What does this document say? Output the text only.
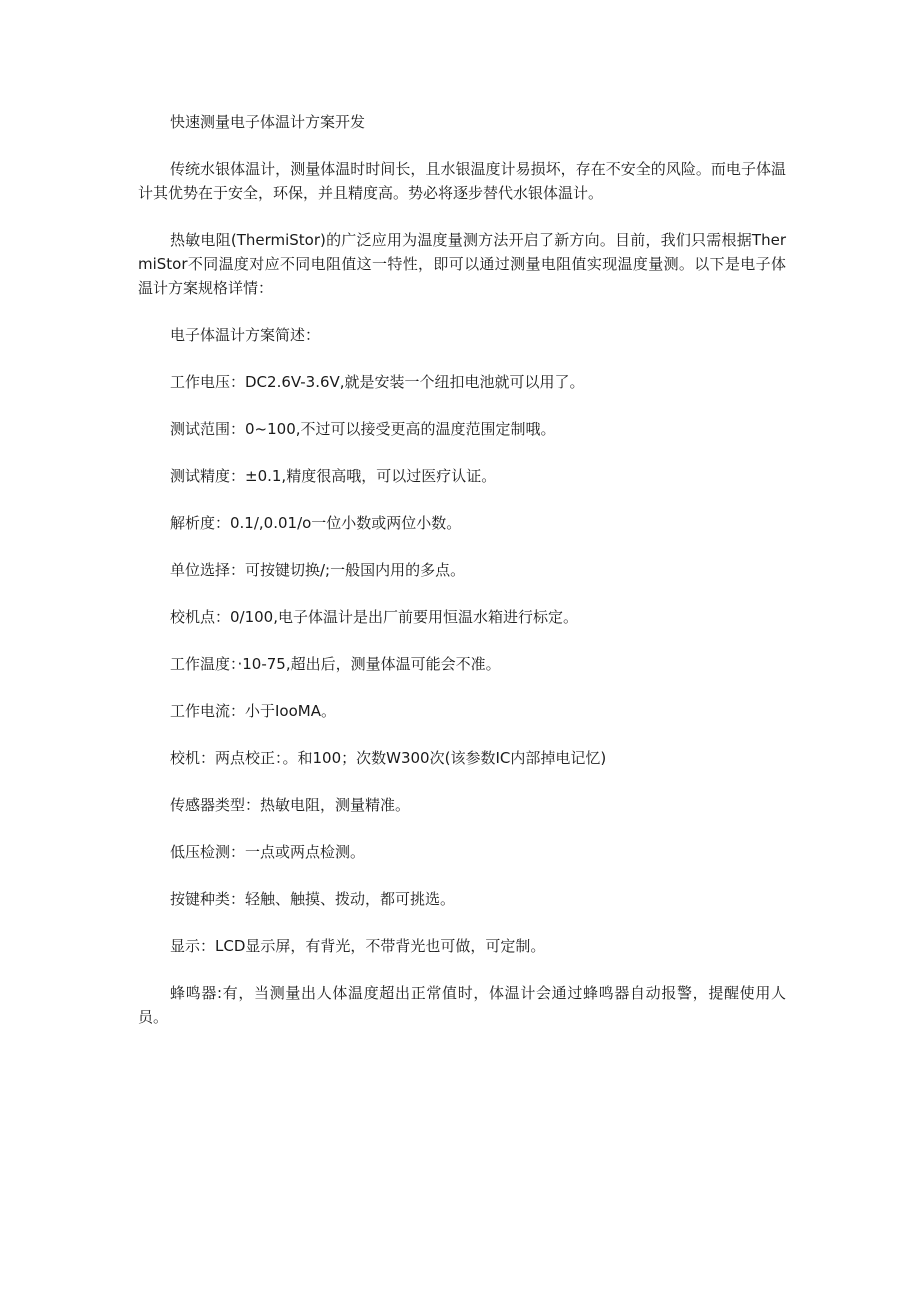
快速测量电子体温计方案开发

传统水银体温计，测量体温时时间长，且水银温度计易损坏，存在不安全的风险。而电子体温计其优势在于安全，环保，并且精度高。势必将逐步替代水银体温计。

热敏电阻(ThermiStor)的广泛应用为温度量测方法开启了新方向。目前，我们只需根据ThermiStor不同温度对应不同电阻值这一特性，即可以通过测量电阻值实现温度量测。以下是电子体温计方案规格详情：

电子体温计方案简述：

工作电压：DC2.6V-3.6V,就是安装一个纽扣电池就可以用了。

测试范围：0~100,不过可以接受更高的温度范围定制哦。

测试精度：±0.1,精度很高哦，可以过医疗认证。

解析度：0.1/,0.01/o一位小数或两位小数。

单位选择：可按键切换/;一般国内用的多点。

校机点：0/100,电子体温计是出厂前要用恒温水箱进行标定。

工作温度：·10-75,超出后，测量体温可能会不准。

工作电流：小于IooMA。

校机：两点校正：。和100；次数W300次(该参数IC内部掉电记忆)

传感器类型：热敏电阻，测量精准。

低压检测：一点或两点检测。

按键种类：轻触、触摸、拨动，都可挑选。

显示：LCD显示屏，有背光，不带背光也可做，可定制。

蜂鸣器:有，当测量出人体温度超出正常值时，体温计会通过蜂鸣器自动报警，提醒使用人员。
